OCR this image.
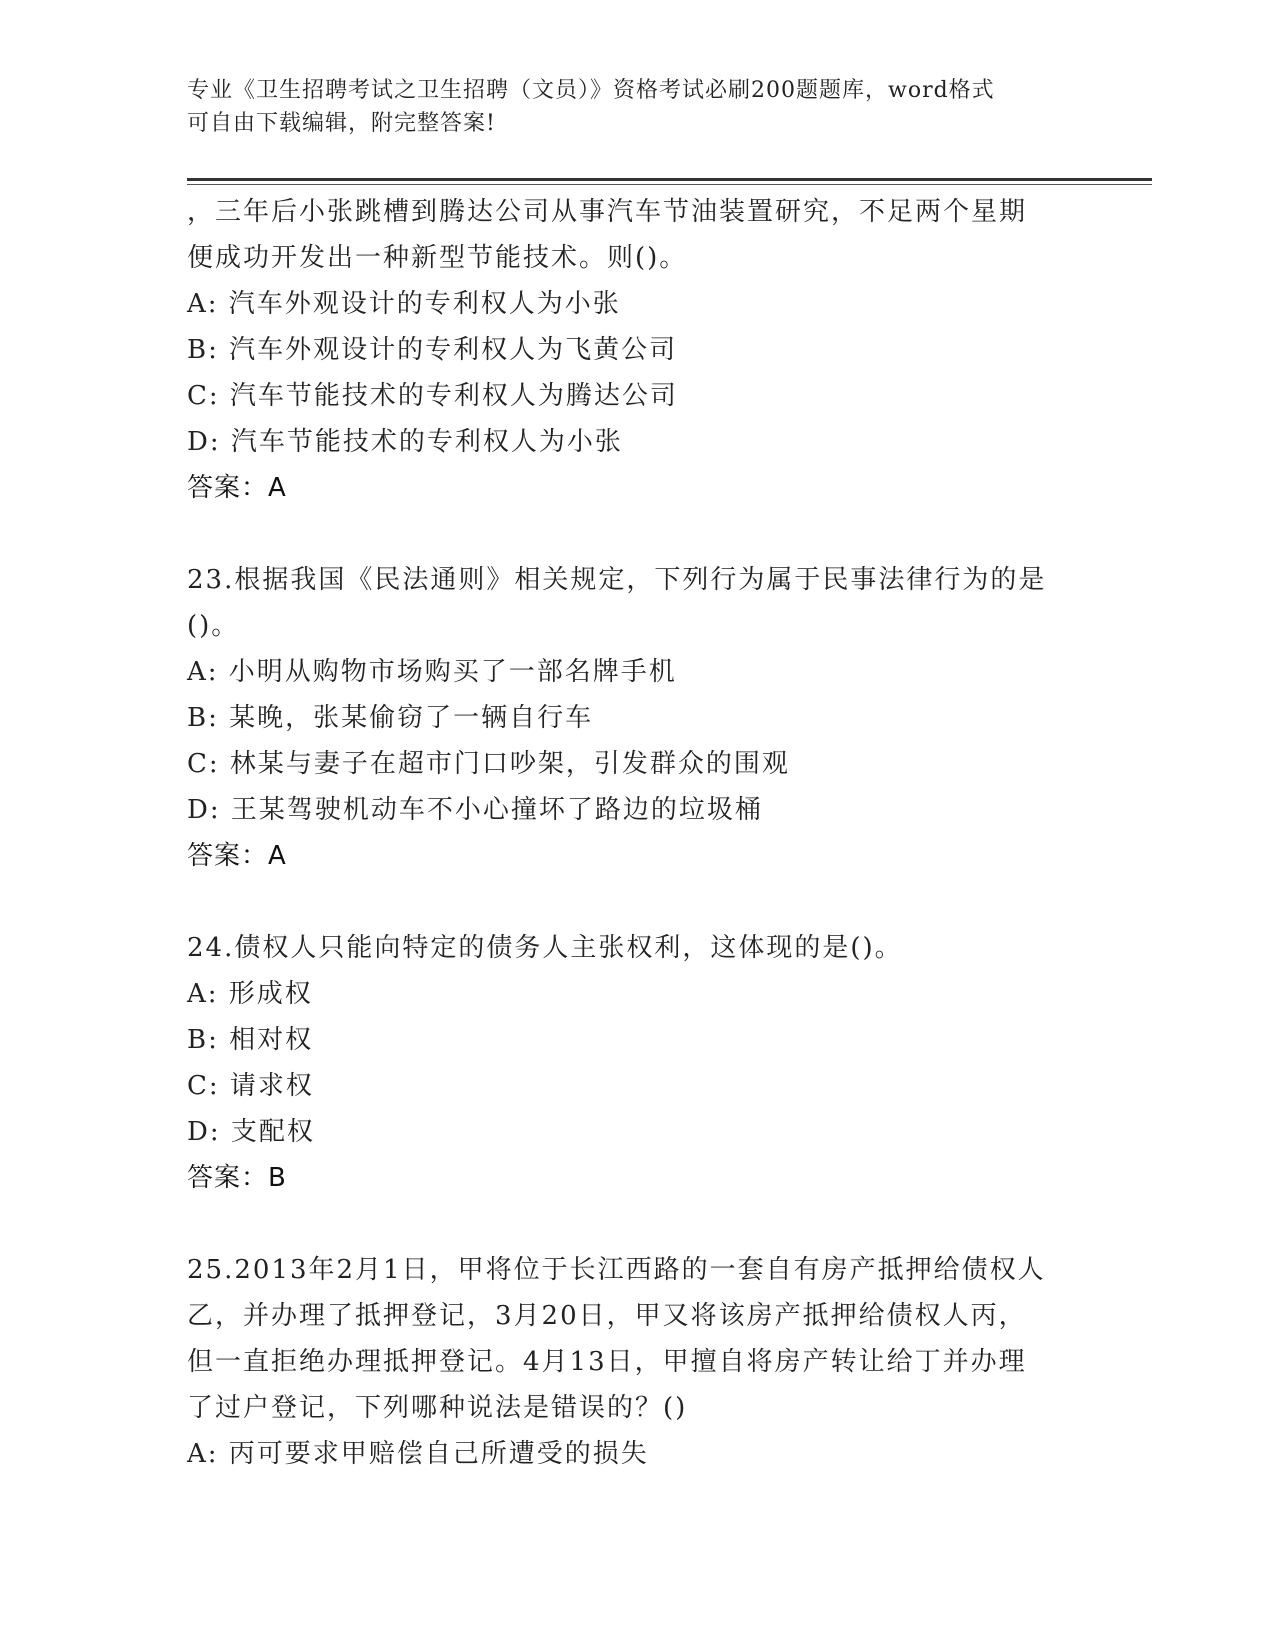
专业《卫生招聘考试之卫生招聘（文员）》资格考试必刷200题题库，word格式
可自由下载编辑，附完整答案!
，三年后小张跳槽到腾达公司从事汽车节油装置研究，不足两个星期
便成功开发出一种新型节能技术。则()。
A: 汽车外观设计的专利权人为小张
B: 汽车外观设计的专利权人为飞黄公司
C: 汽车节能技术的专利权人为腾达公司
D: 汽车节能技术的专利权人为小张
答案：A
23.根据我国《民法通则》相关规定，下列行为属于民事法律行为的是
()。
A: 小明从购物市场购买了一部名牌手机
B: 某晚，张某偷窃了一辆自行车
C: 林某与妻子在超市门口吵架，引发群众的围观
D: 王某驾驶机动车不小心撞坏了路边的垃圾桶
答案：A
24.债权人只能向特定的债务人主张权利，这体现的是()。
A: 形成权
B: 相对权
C: 请求权
D: 支配权
答案：B
25.2013年2月1日，甲将位于长江西路的一套自有房产抵押给债权人
乙，并办理了抵押登记，3月20日，甲又将该房产抵押给债权人丙，
但一直拒绝办理抵押登记。4月13日，甲擅自将房产转让给丁并办理
了过户登记，下列哪种说法是错误的？()
A: 丙可要求甲赔偿自己所遭受的损失
